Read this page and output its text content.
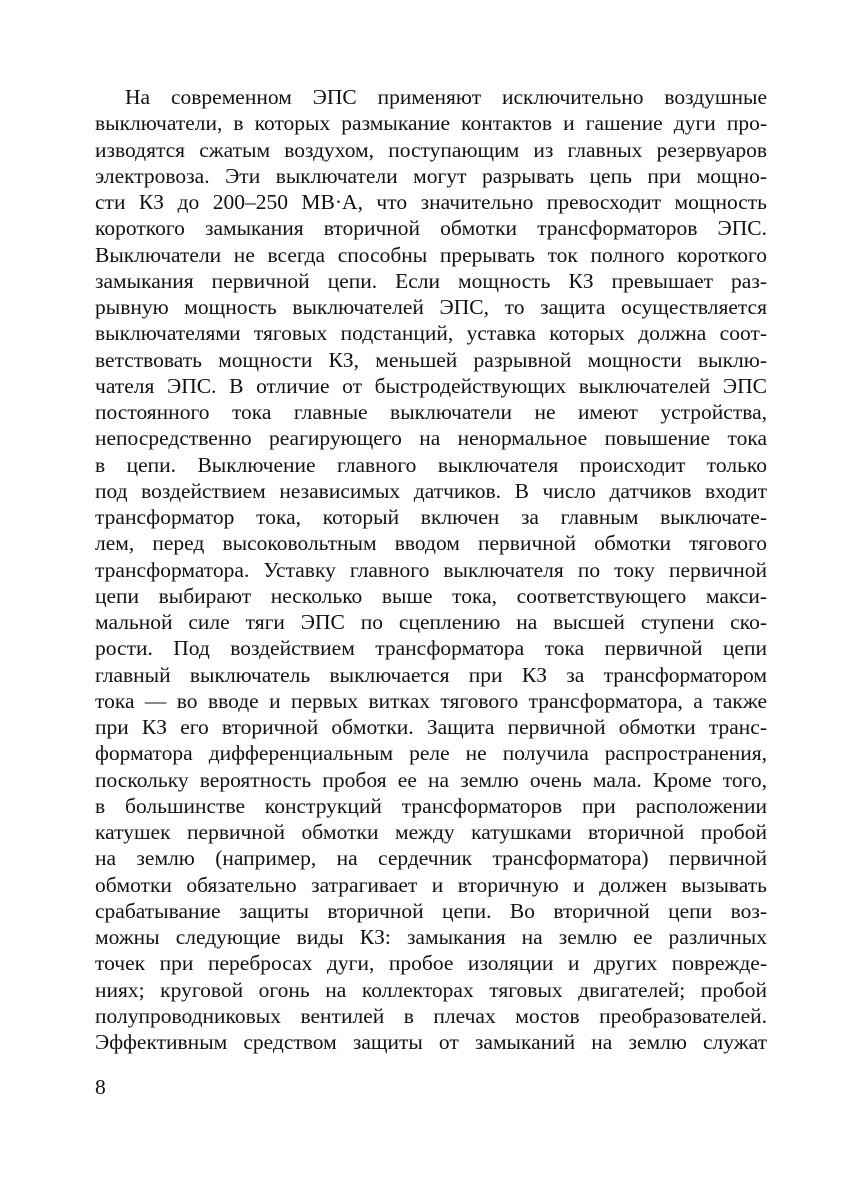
На современном ЭПС применяют исключительно воздушные
выключатели, в которых размыкание контактов и гашение дуги про-
изводятся сжатым воздухом, поступающим из главных резервуаров
электровоза. Эти выключатели могут разрывать цепь при мощно-
сти КЗ до 200–250 МВ·А, что значительно превосходит мощность
короткого замыкания вторичной обмотки трансформаторов ЭПС.
Выключатели не всегда способны прерывать ток полного короткого
замыкания первичной цепи. Если мощность КЗ превышает раз-
рывную мощность выключателей ЭПС, то защита осуществляется
выключателями тяговых подстанций, уставка которых должна соот-
ветствовать мощности КЗ, меньшей разрывной мощности выклю-
чателя ЭПС. В отличие от быстродействующих выключателей ЭПС
постоянного тока главные выключатели не имеют устройства,
непосредственно реагирующего на ненормальное повышение тока
в цепи. Выключение главного выключателя происходит только
под воздействием независимых датчиков. В число датчиков входит
трансформатор тока, который включен за главным выключате-
лем, перед высоковольтным вводом первичной обмотки тягового
трансформатора. Уставку главного выключателя по току первичной
цепи выбирают несколько выше тока, соответствующего макси-
мальной силе тяги ЭПС по сцеплению на высшей ступени ско-
рости. Под воздействием трансформатора тока первичной цепи
главный выключатель выключается при КЗ за трансформатором
тока — во вводе и первых витках тягового трансформатора, а также
при КЗ его вторичной обмотки. Защита первичной обмотки транс-
форматора дифференциальным реле не получила распространения,
поскольку вероятность пробоя ее на землю очень мала. Кроме того,
в большинстве конструкций трансформаторов при расположении
катушек первичной обмотки между катушками вторичной пробой
на землю (например, на сердечник трансформатора) первичной
обмотки обязательно затрагивает и вторичную и должен вызывать
срабатывание защиты вторичной цепи. Во вторичной цепи воз-
можны следующие виды КЗ: замыкания на землю ее различных
точек при перебросах дуги, пробое изоляции и других поврежде-
ниях; круговой огонь на коллекторах тяговых двигателей; пробой
полупроводниковых вентилей в плечах мостов преобразователей.
Эффективным средством защиты от замыканий на землю служат
8
